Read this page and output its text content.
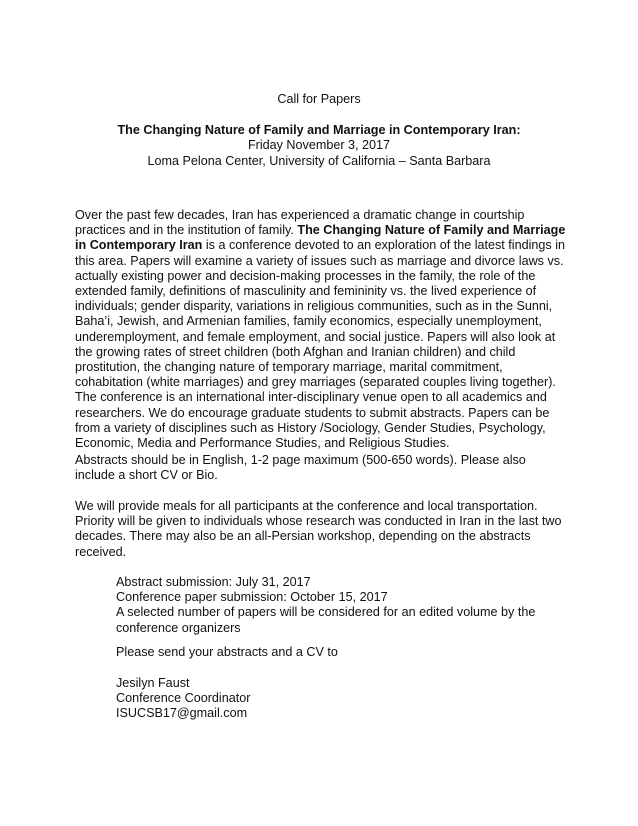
Call for Papers
The Changing Nature of Family and Marriage in Contemporary Iran:
Friday November 3, 2017
Loma Pelona Center, University of California – Santa Barbara
Over the past few decades, Iran has experienced a dramatic change in courtship
practices and in the institution of family. The Changing Nature of Family and Marriage
in Contemporary Iran is a conference devoted to an exploration of the latest findings in
this area. Papers will examine a variety of issues such as marriage and divorce laws vs.
actually existing power and decision-making processes in the family, the role of the
extended family, definitions of masculinity and femininity vs. the lived experience of
individuals; gender disparity, variations in religious communities, such as in the Sunni,
Baha’i, Jewish, and Armenian families, family economics, especially unemployment,
underemployment, and female employment, and social justice. Papers will also look at
the growing rates of street children (both Afghan and Iranian children) and child
prostitution, the changing nature of temporary marriage, marital commitment,
cohabitation (white marriages) and grey marriages (separated couples living together).
The conference is an international inter-disciplinary venue open to all academics and
researchers. We do encourage graduate students to submit abstracts. Papers can be
from a variety of disciplines such as History /Sociology, Gender Studies, Psychology,
Economic, Media and Performance Studies, and Religious Studies.
Abstracts should be in English, 1-2 page maximum (500-650 words). Please also
include a short CV or Bio.
We will provide meals for all participants at the conference and local transportation.
Priority will be given to individuals whose research was conducted in Iran in the last two
decades. There may also be an all-Persian workshop, depending on the abstracts
received.
Abstract submission: July 31, 2017
Conference paper submission: October 15, 2017
A selected number of papers will be considered for an edited volume by the
conference organizers
Please send your abstracts and a CV to
Jesilyn Faust
Conference Coordinator
ISUCSB17@gmail.com
